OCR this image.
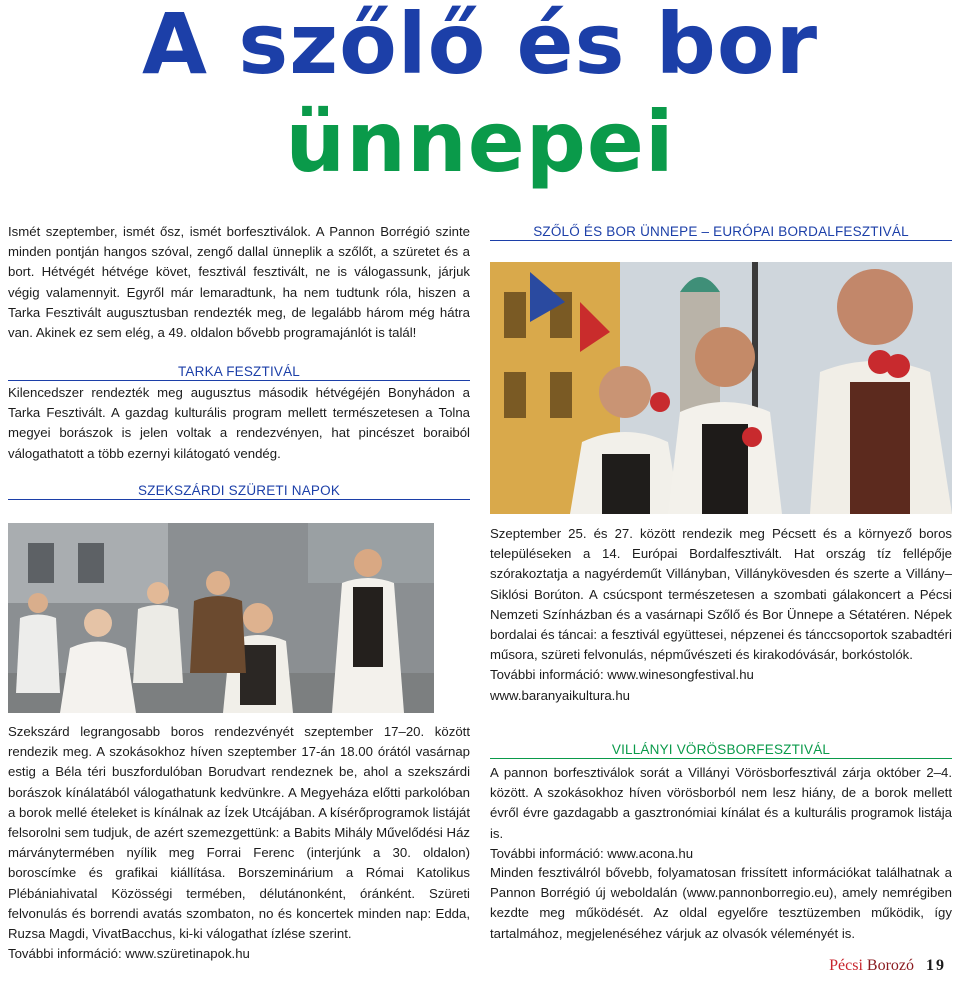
A szőlő és bor
ünnepei

Ismét szeptember, ismét ősz, ismét borfesztiválok. A Pannon Borrégió szinte minden pontján hangos szóval, zengő dallal ünneplik a szőlőt, a szüretet és a bort. Hétvégét hétvége követ, fesztivál fesztivált, ne is válogassunk, járjuk végig valamennyit. Egyről már lemaradtunk, ha nem tudtunk róla, hiszen a Tarka Fesztivált augusztusban rendezték meg, de legalább három még hátra van. Akinek ez sem elég, a 49. oldalon bővebb programajánlót is talál!

TARKA FESZTIVÁL

Kilencedszer rendezték meg augusztus második hétvégéjén Bonyhádon a Tarka Fesztivált. A gazdag kulturális program mellett természetesen a Tolna megyei borászok is jelen voltak a rendezvényen, hat pincészet boraiból válogathatott a több ezernyi kilátogató vendég.

SZEKSZÁRDI SZÜRETI NAPOK

Szekszárd legrangosabb boros rendezvényét szeptember 17–20. között rendezik meg. A szokásokhoz híven szeptember 17-án 18.00 órától vasárnap estig a Béla téri buszfordulóban Borudvart rendeznek be, ahol a szekszárdi borászok kínálatából válogathatunk kedvünkre. A Megyeháza előtti parkolóban a borok mellé ételeket is kínálnak az Ízek Utcájában. A kísérőprogramok listáját felsorolni sem tudjuk, de azért szemezgettünk: a Babits Mihály Művelődési Ház márványtermében nyílik meg Forrai Ferenc (interjúnk a 30. oldalon) boroscímke és grafikai kiállítása. Borszeminárium a Római Katolikus Plébániahivatal Közösségi termében, délutánonként, óránként. Szüreti felvonulás és borrendi avatás szombaton, no és koncertek minden nap: Edda, Ruzsa Magdi, VivatBacchus, ki-ki válogathat ízlése szerint.

További információ: www.szüretinapok.hu

SZŐLŐ ÉS BOR ÜNNEPE – EURÓPAI BORDALFESZTIVÁL

Szeptember 25. és 27. között rendezik meg Pécsett és a környező boros településeken a 14. Európai Bordalfesztivált. Hat ország tíz fellépője szórakoztatja a nagyérdeműt Villányban, Villánykövesden és szerte a Villány–Siklósi Borúton. A csúcspont természetesen a szombati gálakoncert a Pécsi Nemzeti Színházban és a vasárnapi Szőlő és Bor Ünnepe a Sétatéren. Népek bordalai és táncai: a fesztivál együttesei, népzenei és tánccsoportok szabadtéri műsora, szüreti felvonulás, népművészeti és kirakodóvásár, borkóstolók.

További információ: www.winesongfestival.hu

www.baranyaikultura.hu

VILLÁNYI VÖRÖSBORFESZTIVÁL

A pannon borfesztiválok sorát a Villányi Vörösborfesztivál zárja október 2–4. között. A szokásokhoz híven vörösborból nem lesz hiány, de a borok mellett évről évre gazdagabb a gasztronómiai kínálat és a kulturális programok listája is.

További információ: www.acona.hu

Minden fesztiválról bővebb, folyamatosan frissített információkat találhatnak a Pannon Borrégió új weboldalán (www.pannonborregio.eu), amely nemrégiben kezdte meg működését. Az oldal egyelőre tesztüzemben működik, így tartalmához, megjelenéséhez várjuk az olvasók véleményét is.

Pécsi Borozó 19
